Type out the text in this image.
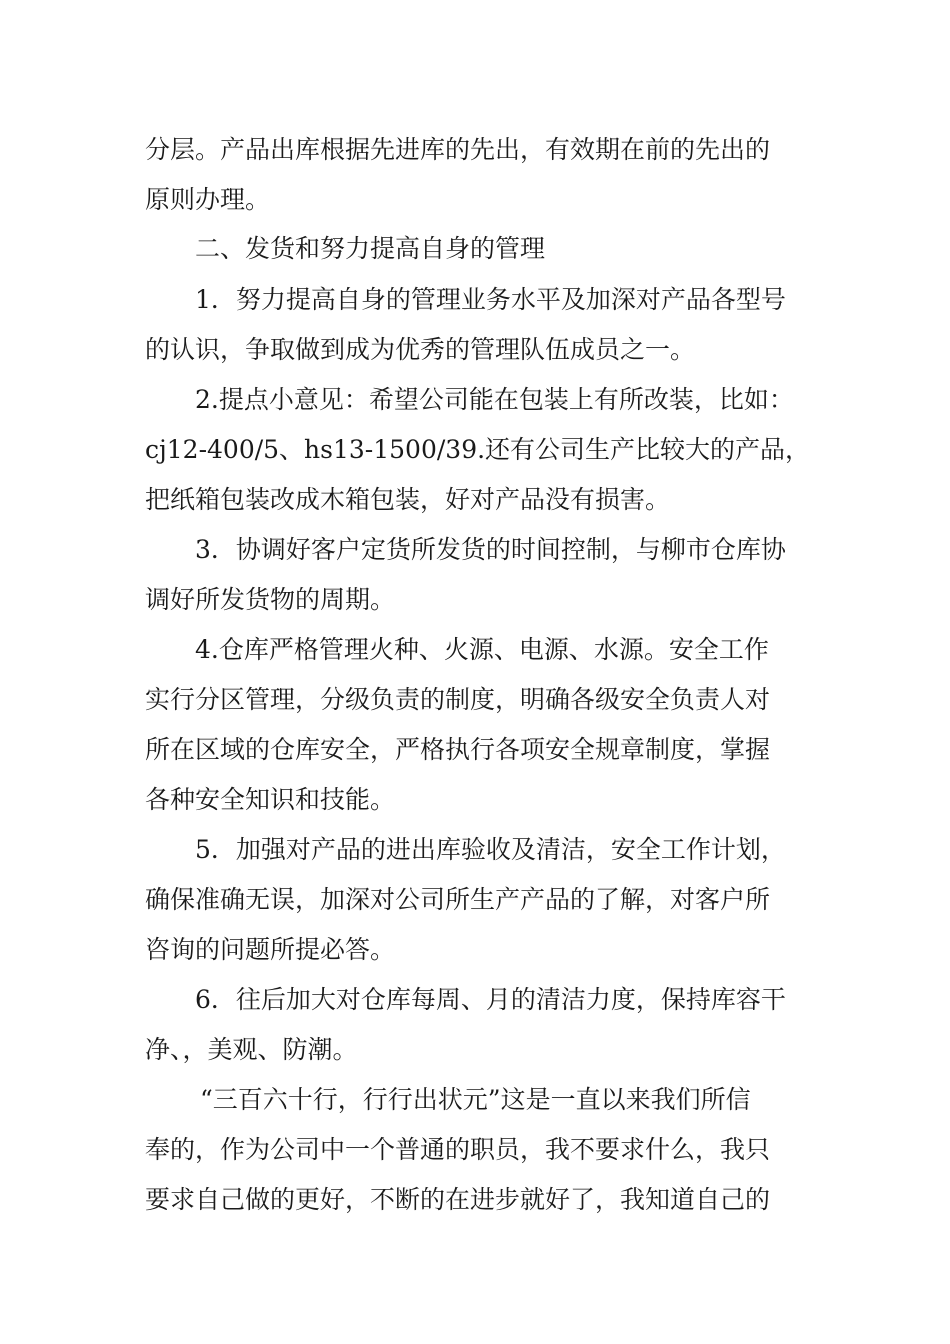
分层。产品出库根据先进库的先出，有效期在前的先出的
原则办理。
二、发货和努力提高自身的管理
1．努力提高自身的管理业务水平及加深对产品各型号
的认识，争取做到成为优秀的管理队伍成员之一。
2.提点小意见：希望公司能在包装上有所改装，比如：
cj12-400/5、hs13-1500/39.还有公司生产比较大的产品，
把纸箱包装改成木箱包装，好对产品没有损害。
3．协调好客户定货所发货的时间控制，与柳市仓库协
调好所发货物的周期。
4.仓库严格管理火种、火源、电源、水源。安全工作
实行分区管理，分级负责的制度，明确各级安全负责人对
所在区域的仓库安全，严格执行各项安全规章制度，掌握
各种安全知识和技能。
5．加强对产品的进出库验收及清洁，安全工作计划，
确保准确无误，加深对公司所生产产品的了解，对客户所
咨询的问题所提必答。
6．往后加大对仓库每周、月的清洁力度，保持库容干
净、，美观、防潮。
“三百六十行，行行出状元”这是一直以来我们所信
奉的，作为公司中一个普通的职员，我不要求什么，我只
要求自己做的更好，不断的在进步就好了，我知道自己的
